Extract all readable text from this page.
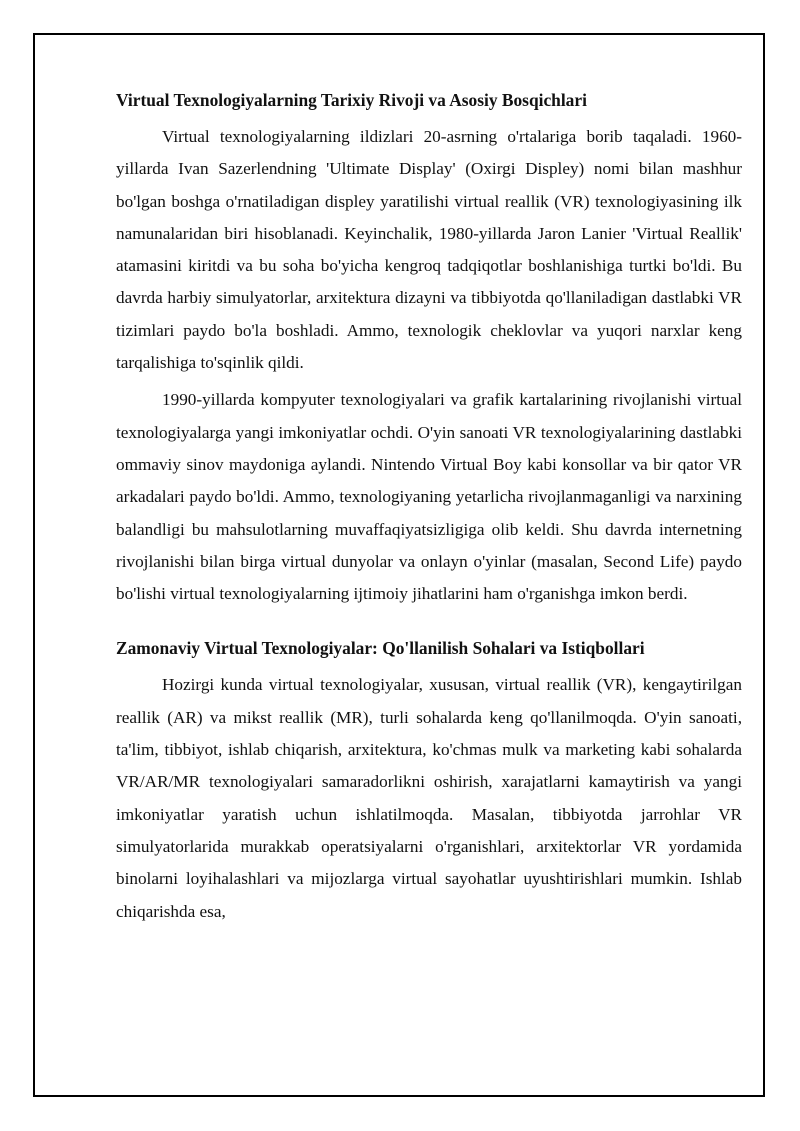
Virtual Texnologiyalarning Tarixiy Rivoji va Asosiy Bosqichlari

Virtual texnologiyalarning ildizlari 20-asrning o'rtalariga borib taqaladi. 1960-yillarda Ivan Sazerlendning 'Ultimate Display' (Oxirgi Displey) nomi bilan mashhur bo'lgan boshga o'rnatiladigan displey yaratilishi virtual reallik (VR) texnologiyasining ilk namunalaridan biri hisoblanadi. Keyinchalik, 1980-yillarda Jaron Lanier 'Virtual Reallik' atamasini kiritdi va bu soha bo'yicha kengroq tadqiqotlar boshlanishiga turtki bo'ldi. Bu davrda harbiy simulyatorlar, arxitektura dizayni va tibbiyotda qo'llaniladigan dastlabki VR tizimlari paydo bo'la boshladi. Ammo, texnologik cheklovlar va yuqori narxlar keng tarqalishiga to'sqinlik qildi.

1990-yillarda kompyuter texnologiyalari va grafik kartalarining rivojlanishi virtual texnologiyalarga yangi imkoniyatlar ochdi. O'yin sanoati VR texnologiyalarining dastlabki ommaviy sinov maydoniga aylandi. Nintendo Virtual Boy kabi konsollar va bir qator VR arkadalari paydo bo'ldi. Ammo, texnologiyaning yetarlicha rivojlanmaganligi va narxining balandligi bu mahsulotlarning muvaffaqiyatsizligiga olib keldi. Shu davrda internetning rivojlanishi bilan birga virtual dunyolar va onlayn o'yinlar (masalan, Second Life) paydo bo'lishi virtual texnologiyalarning ijtimoiy jihatlarini ham o'rganishga imkon berdi.

Zamonaviy Virtual Texnologiyalar: Qo'llanilish Sohalari va Istiqbollari

Hozirgi kunda virtual texnologiyalar, xususan, virtual reallik (VR), kengaytirilgan reallik (AR) va mikst reallik (MR), turli sohalarda keng qo'llanilmoqda. O'yin sanoati, ta'lim, tibbiyot, ishlab chiqarish, arxitektura, ko'chmas mulk va marketing kabi sohalarda VR/AR/MR texnologiyalari samaradorlikni oshirish, xarajatlarni kamaytirish va yangi imkoniyatlar yaratish uchun ishlatilmoqda. Masalan, tibbiyotda jarrohlar VR simulyatorlarida murakkab operatsiyalarni o'rganishlari, arxitektorlar VR yordamida binolarni loyihalashlari va mijozlarga virtual sayohatlar uyushtirishlari mumkin. Ishlab chiqarishda esa,
